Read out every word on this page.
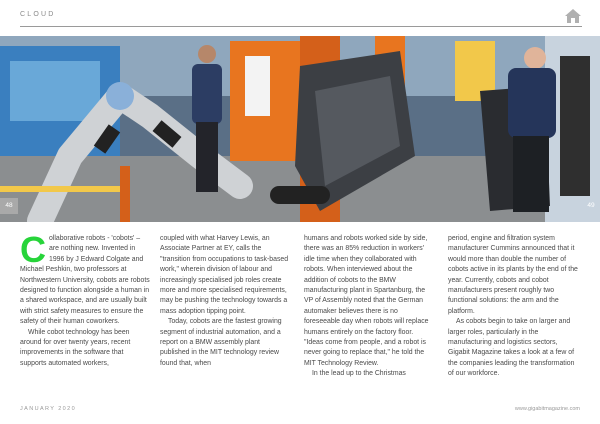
CLOUD
48	49

Collaborative robots - 'cobots' – are nothing new. Invented in 1996 by J Edward Colgate and Michael Peshkin, two professors at Northwestern University, cobots are robots designed to function alongside a human in a shared workspace, and are usually built with strict safety measures to ensure the safety of their human coworkers.

While cobot technology has been around for over twenty years, recent improvements in the software that supports automated workers,

coupled with what Harvey Lewis, an Associate Partner at EY, calls the "transition from occupations to task-based work," wherein division of labour and increasingly specialised job roles create more and more specialised requirements, may be pushing the technology towards a mass adoption tipping point.

Today, cobots are the fastest growing segment of industrial automation, and a report on a BMW assembly plant published in the MIT technology review found that, when

humans and robots worked side by side, there was an 85% reduction in workers' idle time when they collaborated with robots. When interviewed about the addition of cobots to the BMW manufacturing plant in Spartanburg, the VP of Assembly noted that the German automaker believes there is no foreseeable day when robots will replace humans entirely on the factory floor. "Ideas come from people, and a robot is never going to replace that," he told the MIT Technology Review.

In the lead up to the Christmas

period, engine and filtration system manufacturer Cummins announced that it would more than double the number of cobots active in its plants by the end of the year. Currently, cobots and cobot manufacturers present roughly two functional solutions: the arm and the platform.

As cobots begin to take on larger and larger roles, particularly in the manufacturing and logistics sectors, Gigabit Magazine takes a look at a few of the companies leading the transformation of our workforce.

JANUARY 2020	www.gigabitmagazine.com
